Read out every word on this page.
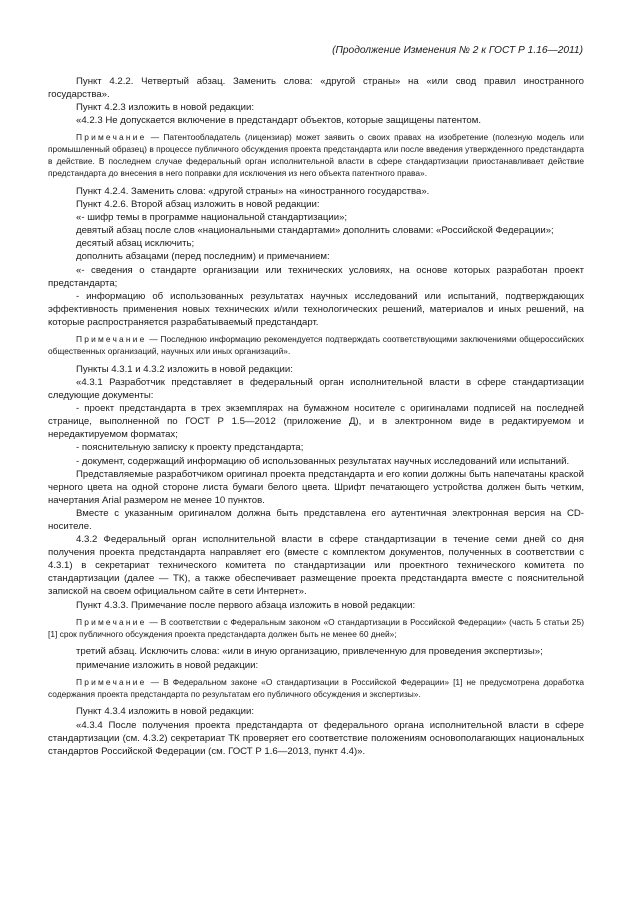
(Продолжение Изменения № 2 к ГОСТ Р 1.16—2011)

Пункт 4.2.2. Четвертый абзац. Заменить слова: «другой страны» на «или свод правил иностранного государства».

Пункт 4.2.3 изложить в новой редакции:

«4.2.3 Не допускается включение в предстандарт объектов, которые защищены патентом.

Примечание — Патентообладатель (лицензиар) может заявить о своих правах на изобретение (полезную модель или промышленный образец) в процессе публичного обсуждения проекта предстандарта или после введения утвержденного предстандарта в действие. В последнем случае федеральный орган исполнительной власти в сфере стандартизации приостанавливает действие предстандарта до внесения в него поправки для исключения из него объекта патентного права».

Пункт 4.2.4. Заменить слова: «другой страны» на «иностранного государства».

Пункт 4.2.6. Второй абзац изложить в новой редакции:

«- шифр темы в программе национальной стандартизации»;

девятый абзац после слов «национальными стандартами» дополнить словами: «Российской Федерации»;

десятый абзац исключить;

дополнить абзацами (перед последним) и примечанием:

«- сведения о стандарте организации или технических условиях, на основе которых разработан проект предстандарта;

- информацию об использованных результатах научных исследований или испытаний, подтверждающих эффективность применения новых технических и/или технологических решений, материалов и иных решений, на которые распространяется разрабатываемый предстандарт.

Примечание — Последнюю информацию рекомендуется подтверждать соответствующими заключениями общероссийских общественных организаций, научных или иных организаций».

Пункты 4.3.1 и 4.3.2 изложить в новой редакции:

«4.3.1 Разработчик представляет в федеральный орган исполнительной власти в сфере стандартизации следующие документы:

- проект предстандарта в трех экземплярах на бумажном носителе с оригиналами подписей на последней странице, выполненной по ГОСТ Р 1.5—2012 (приложение Д), и в электронном виде в редактируемом и нередактируемом форматах;

- пояснительную записку к проекту предстандарта;

- документ, содержащий информацию об использованных результатах научных исследований или испытаний.

Представляемые разработчиком оригинал проекта предстандарта и его копии должны быть напечатаны краской черного цвета на одной стороне листа бумаги белого цвета. Шрифт печатающего устройства должен быть четким, начертания Arial размером не менее 10 пунктов.

Вместе с указанным оригиналом должна быть представлена его аутентичная электронная версия на CD-носителе.

4.3.2 Федеральный орган исполнительной власти в сфере стандартизации в течение семи дней со дня получения проекта предстандарта направляет его (вместе с комплектом документов, полученных в соответствии с 4.3.1) в секретариат технического комитета по стандартизации или проектного технического комитета по стандартизации (далее — ТК), а также обеспечивает размещение проекта предстандарта вместе с пояснительной запиской на своем официальном сайте в сети Интернет».

Пункт 4.3.3. Примечание после первого абзаца изложить в новой редакции:

Примечание — В соответствии с Федеральным законом «О стандартизации в Российской Федерации» (часть 5 статьи 25) [1] срок публичного обсуждения проекта предстандарта должен быть не менее 60 дней»;

третий абзац. Исключить слова: «или в иную организацию, привлеченную для проведения экспертизы»;

примечание изложить в новой редакции:

Примечание — В Федеральном законе «О стандартизации в Российской Федерации» [1] не предусмотрена доработка содержания проекта предстандарта по результатам его публичного обсуждения и экспертизы».

Пункт 4.3.4 изложить в новой редакции:

«4.3.4 После получения проекта предстандарта от федерального органа исполнительной власти в сфере стандартизации (см. 4.3.2) секретариат ТК проверяет его соответствие положениям основополагающих национальных стандартов Российской Федерации (см. ГОСТ Р 1.6—2013, пункт 4.4)».
